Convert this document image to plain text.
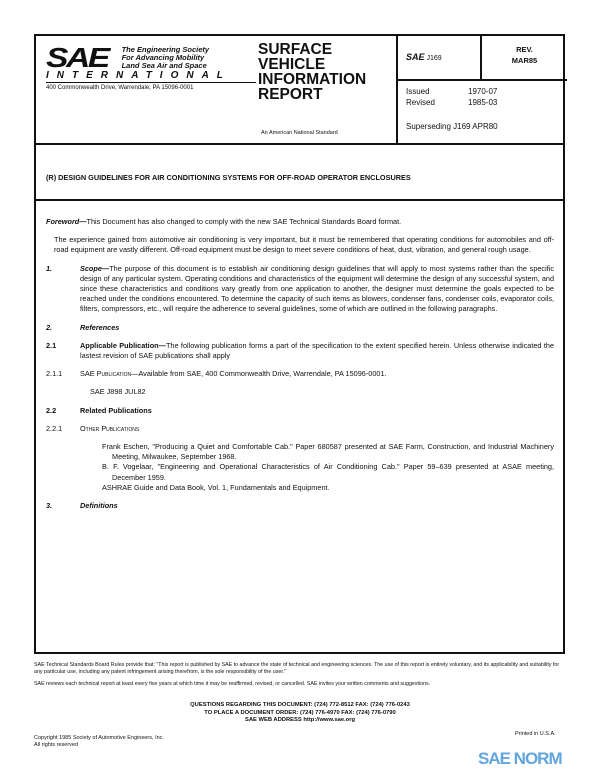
SAE	The Engineering Society
For Advancing Mobility
Land Sea Air and Space
INTERNATIONAL
400 Commonwealth Drive, Warrendale, PA 15096-0001
SURFACE
VEHICLE
INFORMATION
REPORT
An American National Standard
SAE J169
REV.
MAR85
Issued	1970-07
Revised	1985-03
Superseding J169 APR80
(R) DESIGN GUIDELINES FOR AIR CONDITIONING SYSTEMS FOR OFF-ROAD OPERATOR ENCLOSURES

Foreword—This Document has also changed to comply with the new SAE Technical Standards Board format.

The experience gained from automotive air conditioning is very important, but it must be remembered that operating conditions for automobiles and off-road equipment are vastly different. Off-road equipment must be design to meet severe conditions of heat, dust, vibration, and general rough usage.

1.	Scope—The purpose of this document is to establish air conditioning design guidelines that will apply to most systems rather than the specific design of any particular system. Operating conditions and characteristics of the equipment will determine the design of any successful system, and since these characteristics and conditions vary greatly from one application to another, the designer must determine the goals expected to be reached under the conditions encountered. To determine the capacity of such items as blowers, condenser fans, condenser coils, evaporator coils, filters, compressors, etc., will require the adherence to several guidelines, some of which are outlined in the following paragraphs.
2.	References
2.1	Applicable Publication—The following publication forms a part of the specification to the extent specified herein. Unless otherwise indicated the lastest revision of SAE publications shall apply
2.1.1	SAE Publication—Available from SAE, 400 Commonwealth Drive, Warrendale, PA 15096-0001.

SAE J898 JUL82

2.2	Related Publications
2.2.1	Other Publications
Frank Eschen, "Producing a Quiet and Comfortable Cab." Paper 680587 presented at SAE Farm, Construction, and Industrial Machinery Meeting, Milwaukee, September 1968.
B. F. Vogelaar, "Engineering and Operational Characteristics of Air Conditioning Cab." Paper 59–639 presented at ASAE meeting, December 1959.
ASHRAE Guide and Data Book, Vol. 1, Fundamentals and Equipment.
3.	Definitions
SAE Technical Standards Board Rules provide that: "This report is published by SAE to advance the state of technical and engineering sciences. The use of this report is entirely voluntary, and its applicability and suitability for any particular use, including any patent infringement arising therefrom, is the sole responsibility of the user."
SAE reviews each technical report at least every five years at which time it may be reaffirmed, revised, or cancelled. SAE invites your written comments and suggestions.
QUESTIONS REGARDING THIS DOCUMENT: (724) 772-8512 FAX: (724) 776-0243
TO PLACE A DOCUMENT ORDER: (724) 776-4970 FAX: (724) 776-0790
SAE WEB ADDRESS http://www.sae.org
Copyright 1985 Society of Automotive Engineers, Inc.
All rights reserved
Printed in U.S.A.
SAE NORM
